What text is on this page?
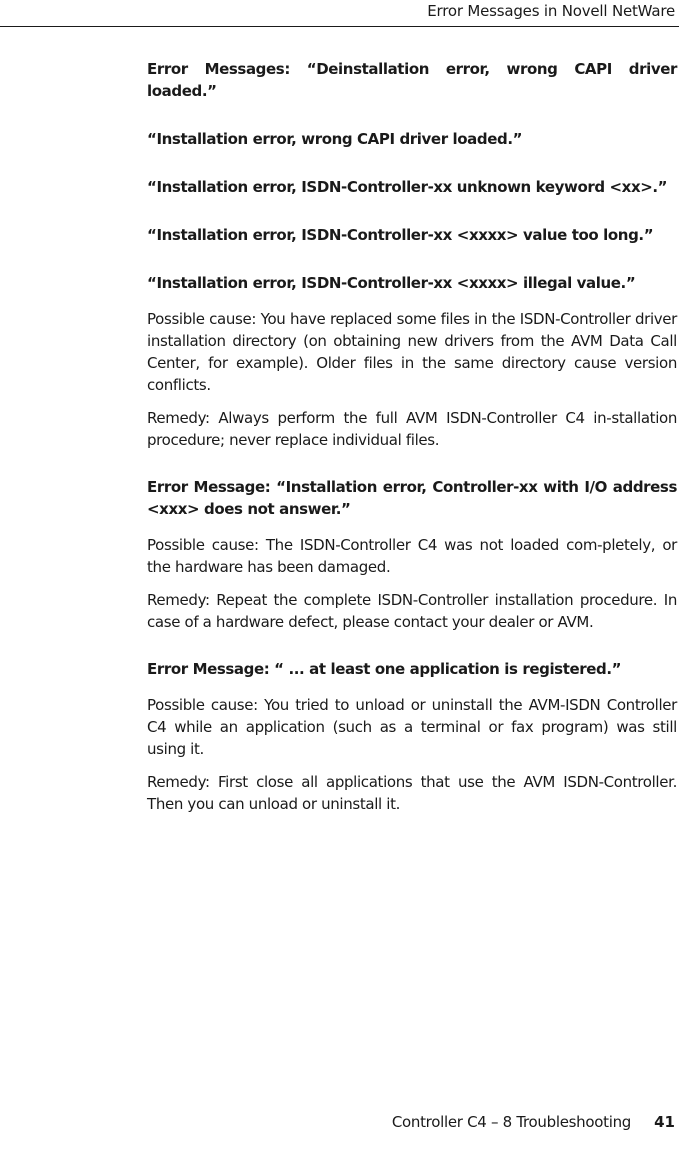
Error Messages in Novell NetWare

Error Messages: “Deinstallation error, wrong CAPI driver loaded.”

“Installation error, wrong CAPI driver loaded.”

“Installation error, ISDN-Controller-xx unknown keyword <xx>.”

“Installation error, ISDN-Controller-xx <xxxx> value too long.”

“Installation error, ISDN-Controller-xx <xxxx> illegal value.”

Possible cause: You have replaced some files in the ISDN-Controller driver installation directory (on obtaining new drivers from the AVM Data Call Center, for example). Older files in the same directory cause version conflicts.

Remedy: Always perform the full AVM ISDN-Controller C4 in-stallation procedure; never replace individual files.

Error Message: “Installation error, Controller-xx with I/O address <xxx> does not answer.”

Possible cause: The ISDN-Controller C4 was not loaded com-pletely, or the hardware has been damaged.

Remedy: Repeat the complete ISDN-Controller installation procedure. In case of a hardware defect, please contact your dealer or AVM.

Error Message: “ ... at least one application is registered.”

Possible cause: You tried to unload or uninstall the AVM-ISDN Controller C4 while an application (such as a terminal or fax program) was still using it.

Remedy: First close all applications that use the AVM ISDN-Controller. Then you can unload or uninstall it.

Controller C4 – 8 Troubleshooting 41
